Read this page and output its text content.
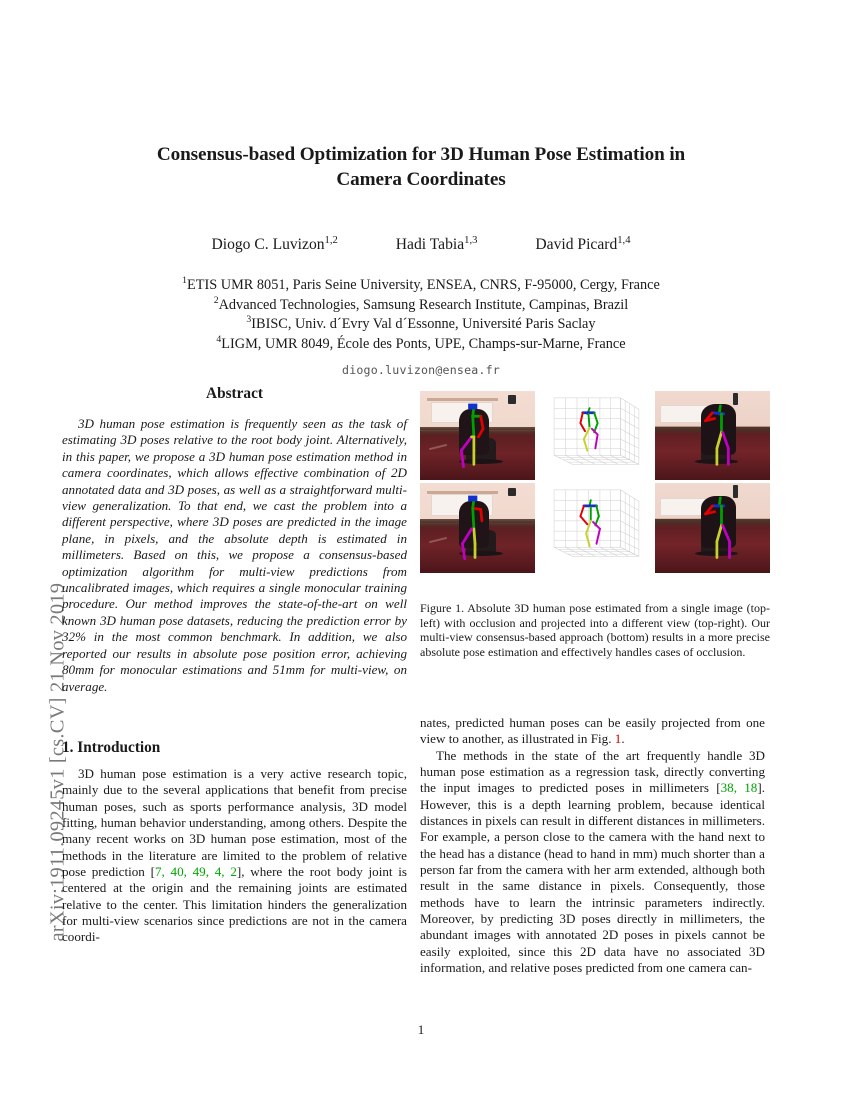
arXiv:1911.09245v1 [cs.CV] 21 Nov 2019
Consensus-based Optimization for 3D Human Pose Estimation in Camera Coordinates
Diogo C. Luvizon$^{1,2}$	Hadi Tabia$^{1,3}$	David Picard$^{1,4}$
$^1$ETIS UMR 8051, Paris Seine University, ENSEA, CNRS, F-95000, Cergy, France
$^2$Advanced Technologies, Samsung Research Institute, Campinas, Brazil
$^3$IBISC, Univ. d´Evry Val d´Essonne, Université Paris Saclay
$^4$LIGM, UMR 8049, École des Ponts, UPE, Champs-sur-Marne, France
diogo.luvizon@ensea.fr
Figure 1. Absolute 3D human pose estimated from a single image (top-left) with occlusion and projected into a different view (top-right). Our multi-view consensus-based approach (bottom) results in a more precise absolute pose estimation and effectively handles cases of occlusion.
Abstract

3D human pose estimation is frequently seen as the task of estimating 3D poses relative to the root body joint. Alternatively, in this paper, we propose a 3D human pose estimation method in camera coordinates, which allows effective combination of 2D annotated data and 3D poses, as well as a straightforward multi-view generalization. To that end, we cast the problem into a different perspective, where 3D poses are predicted in the image plane, in pixels, and the absolute depth is estimated in millimeters. Based on this, we propose a consensus-based optimization algorithm for multi-view predictions from uncalibrated images, which requires a single monocular training procedure. Our method improves the state-of-the-art on well known 3D human pose datasets, reducing the prediction error by 32% in the most common benchmark. In addition, we also reported our results in absolute pose position error, achieving 80mm for monocular estimations and 51mm for multi-view, on average.

1. Introduction

3D human pose estimation is a very active research topic, mainly due to the several applications that benefit from precise human poses, such as sports performance analysis, 3D model fitting, human behavior understanding, among others. Despite the many recent works on 3D human pose estimation, most of the methods in the literature are limited to the problem of relative pose prediction [7, 40, 49, 4, 2], where the root body joint is centered at the origin and the remaining joints are estimated relative to the center. This limitation hinders the generalization for multi-view scenarios since predictions are not in the camera coordi-

nates, predicted human poses can be easily projected from one view to another, as illustrated in Fig. 1.

The methods in the state of the art frequently handle 3D human pose estimation as a regression task, directly converting the input images to predicted poses in millimeters [38, 18]. However, this is a depth learning problem, because identical distances in pixels can result in different distances in millimeters. For example, a person close to the camera with the hand next to the head has a distance (head to hand in mm) much shorter than a person far from the camera with her arm extended, although both result in the same distance in pixels. Consequently, those methods have to learn the intrinsic parameters indirectly. Moreover, by predicting 3D poses directly in millimeters, the abundant images with annotated 2D poses in pixels cannot be easily exploited, since this 2D data have no associated 3D information, and relative poses predicted from one camera can-

1
